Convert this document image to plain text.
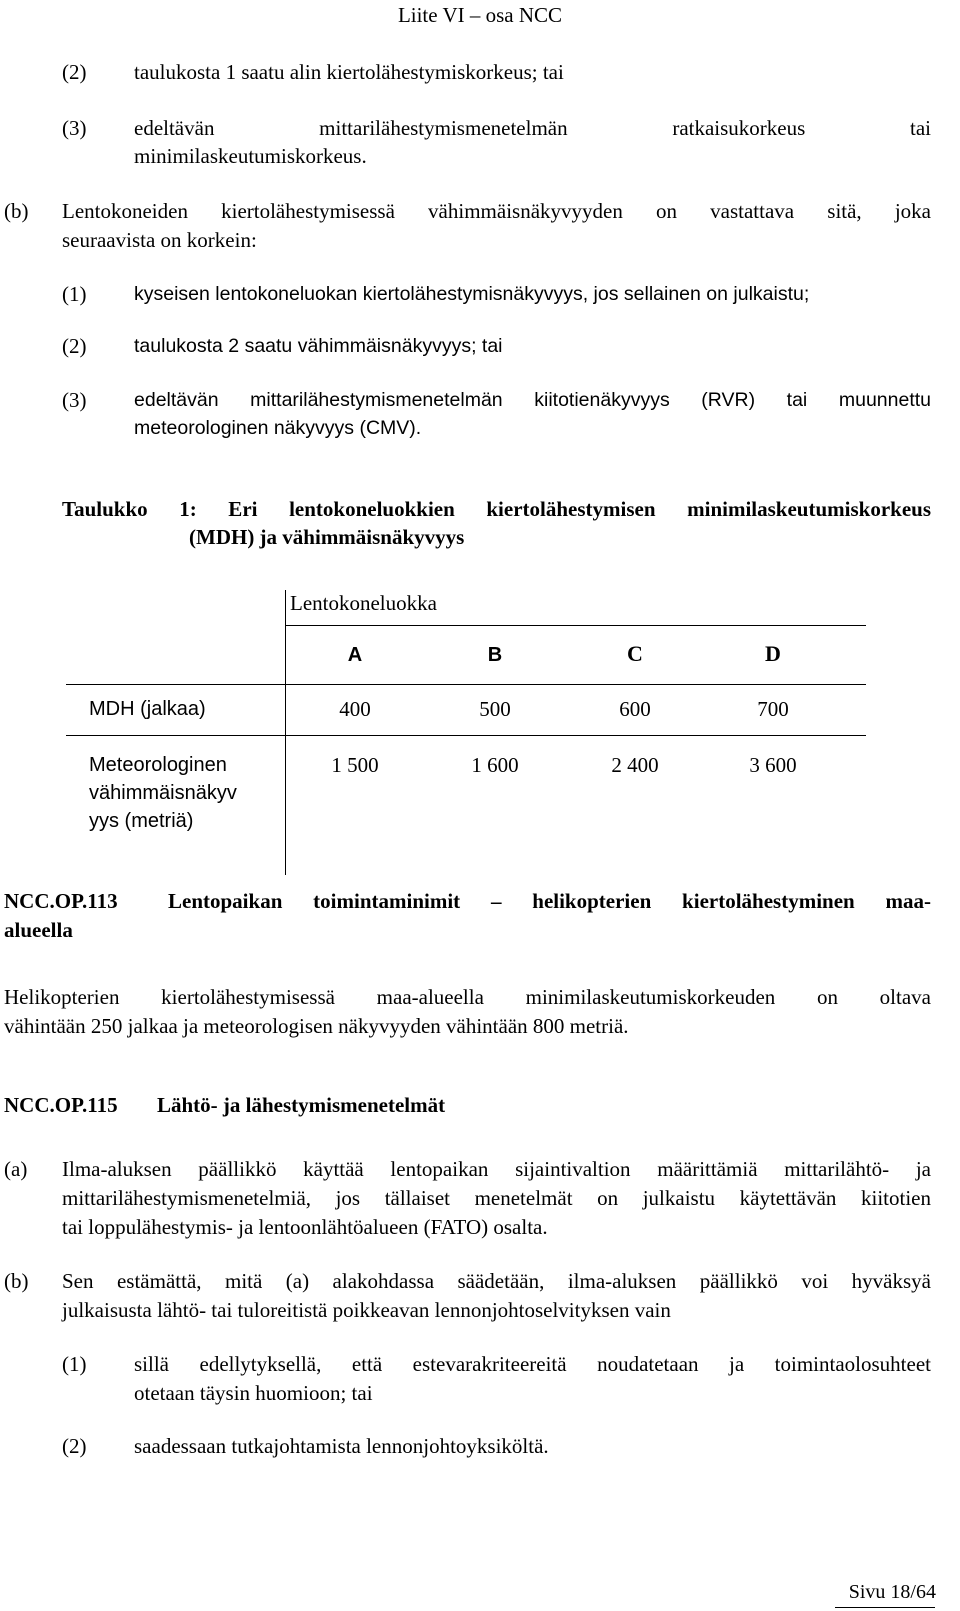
Liite VI – osa NCC
(2) taulukosta 1 saatu alin kiertolähestymiskorkeus; tai
(3) edeltävän mittarilähestymismenetelmän ratkaisukorkeus tai
minimilaskeutumiskorkeus.
(b) Lentokoneiden kiertolähestymisessä vähimmäisnäkyvyyden on vastattava sitä, joka
seuraavista on korkein:
(1) kyseisen lentokoneluokan kiertolähestymisnäkyvyys, jos sellainen on julkaistu;
(2) taulukosta 2 saatu vähimmäisnäkyvyys; tai
(3) edeltävän mittarilähestymismenetelmän kiitotienäkyvyys (RVR) tai muunnettu
meteorologinen näkyvyys (CMV).
Taulukko 1: Eri lentokoneluokkien kiertolähestymisen minimilaskeutumiskorkeus
(MDH) ja vähimmäisnäkyvyys
Lentokoneluokka
A	B	C	D
MDH (jalkaa)	400	500	600	700
Meteorologinen
vähimmäisnäkyv
yys (metriä)
1 500	1 600	2 400	3 600
NCC.OP.113 Lentopaikan toimintaminimit – helikopterien kiertolähestyminen maa-
alueella
Helikopterien kiertolähestymisessä maa-alueella minimilaskeutumiskorkeuden on oltava
vähintään 250 jalkaa ja meteorologisen näkyvyyden vähintään 800 metriä.
NCC.OP.115 Lähtö- ja lähestymismenetelmät
(a) Ilma-aluksen päällikkö käyttää lentopaikan sijaintivaltion määrittämiä mittarilähtö- ja
mittarilähestymismenetelmiä, jos tällaiset menetelmät on julkaistu käytettävän kiitotien
tai loppulähestymis- ja lentoonlähtöalueen (FATO) osalta.
(b) Sen estämättä, mitä (a) alakohdassa säädetään, ilma-aluksen päällikkö voi hyväksyä
julkaisusta lähtö- tai tuloreitistä poikkeavan lennonjohtoselvityksen vain
(1) sillä edellytyksellä, että estevarakriteereitä noudatetaan ja toimintaolosuhteet
otetaan täysin huomioon; tai
(2) saadessaan tutkajohtamista lennonjohtoyksiköltä.
Sivu 18/64
